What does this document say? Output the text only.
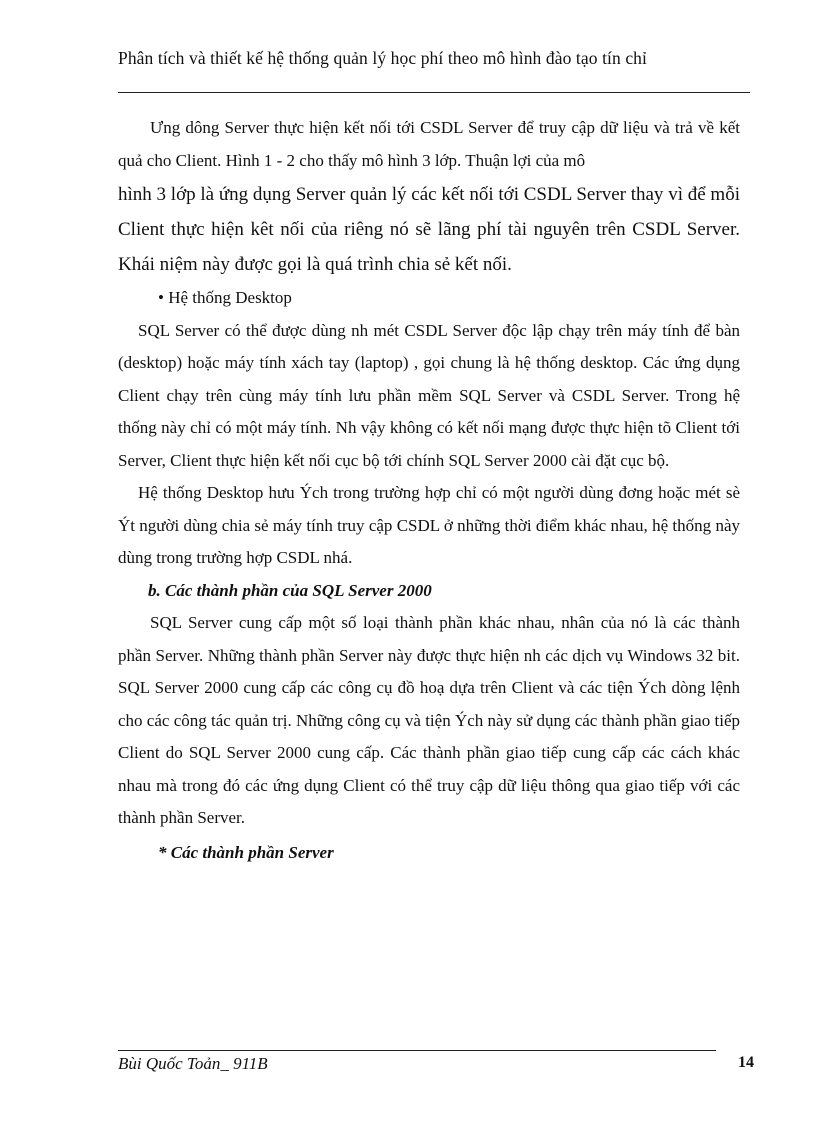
Phân tích và thiết kế hệ thống quản lý học phí theo mô hình đào tạo tín chỉ

Ưng dông Server thực hiện kết nối tới CSDL Server để truy cập dữ liệu và trả về kết quả cho Client. Hình 1 - 2 cho thấy mô hình 3 lớp. Thuận lợi của mô

hình 3 lớp là ứng dụng Server quản lý các kết nối tới CSDL Server thay vì để mỗi Client thực hiện kêt nối của riêng nó sẽ lãng phí tài nguyên trên CSDL Server. Khái niệm này được gọi là quá trình chia sẻ kết nối.

• Hệ thống Desktop

SQL Server có thể được dùng nh mét CSDL Server độc lập chạy trên máy tính để bàn (desktop) hoặc máy tính xách tay (laptop) , gọi chung là hệ thống desktop. Các ứng dụng Client chạy trên cùng máy tính lưu phần mềm SQL Server và CSDL Server. Trong hệ thống này chỉ có một máy tính. Nh vậy không có kết nối mạng được thực hiện tõ Client tới Server, Client thực hiện kết nối cục bộ tới chính SQL Server 2000 cài đặt cục bộ.

Hệ thống Desktop hưu Ých trong trường hợp chỉ có một người dùng đơng hoặc mét sè Ýt người dùng chia sẻ máy tính truy cập CSDL ở những thời điểm khác nhau, hệ thống này dùng trong trường hợp CSDL nhá.

b. Các thành phần của SQL Server 2000

SQL Server cung cấp một số loại thành phần khác nhau, nhân của nó là các thành phần Server. Những thành phần Server này được thực hiện nh các dịch vụ Windows 32 bit. SQL Server 2000 cung cấp các công cụ đồ hoạ dựa trên Client và các tiện Ých dòng lệnh cho các công tác quản trị. Những công cụ và tiện Ých này sử dụng các thành phần giao tiếp Client do SQL Server 2000 cung cấp. Các thành phần giao tiếp cung cấp các cách khác nhau mà trong đó các ứng dụng Client có thể truy cập dữ liệu thông qua giao tiếp với các thành phần Server.

* Các thành phần Server

Bùi Quốc Toản_ 911B	14
